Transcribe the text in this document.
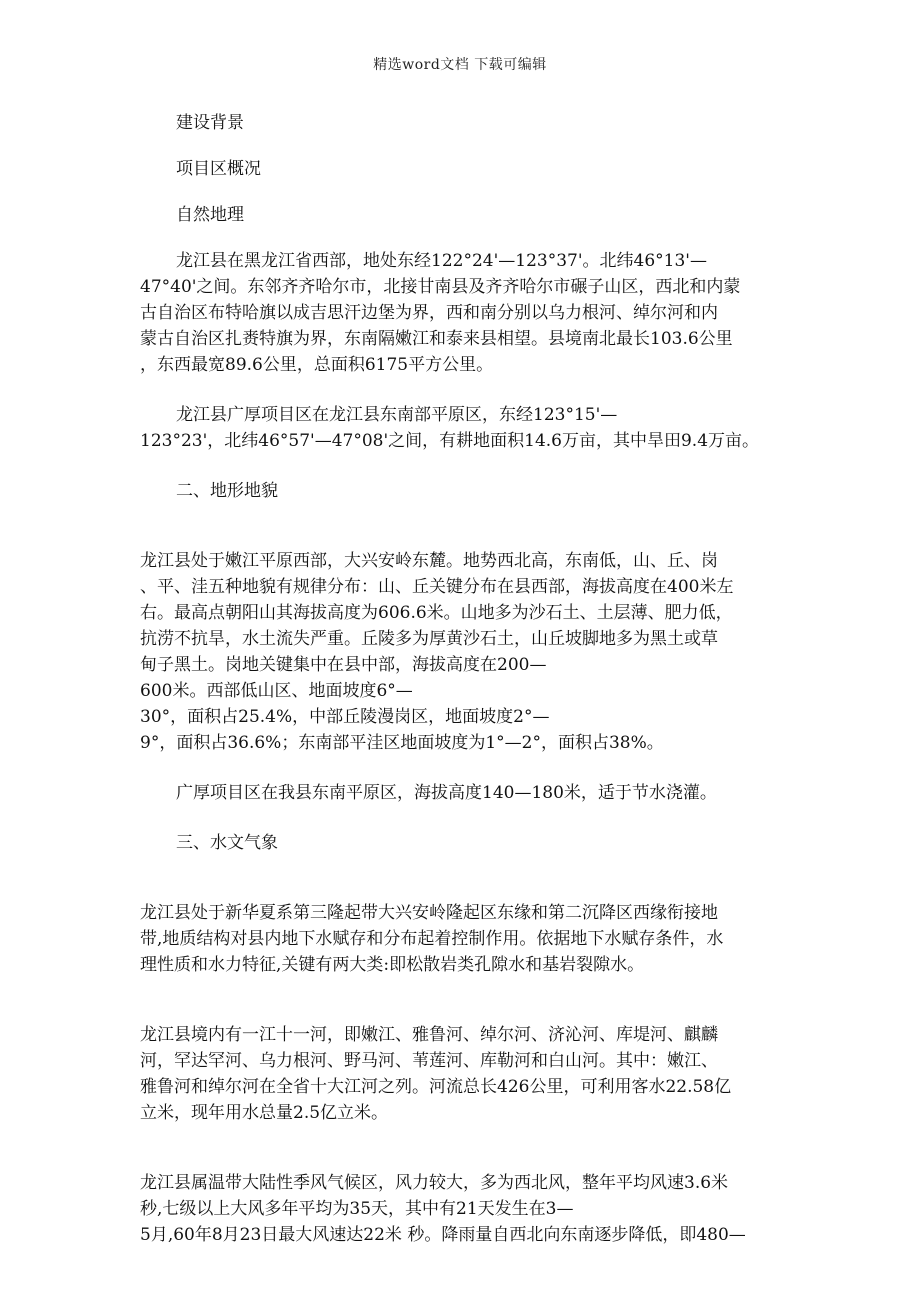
精选word文档 下载可编辑
建设背景
项目区概况
自然地理
龙江县在黑龙江省西部，地处东经122°24'—123°37'。北纬46°13'—
47°40'之间。东邻齐齐哈尔市，北接甘南县及齐齐哈尔市碾子山区，西北和内蒙
古自治区布特哈旗以成吉思汗边堡为界，西和南分别以乌力根河、绰尔河和内
蒙古自治区扎赉特旗为界，东南隔嫩江和泰来县相望。县境南北最长103.6公里
，东西最宽89.6公里，总面积6175平方公里。
龙江县广厚项目区在龙江县东南部平原区，东经123°15'—
123°23'，北纬46°57'—47°08'之间，有耕地面积14.6万亩，其中旱田9.4万亩。
二、地形地貌
龙江县处于嫩江平原西部，大兴安岭东麓。地势西北高，东南低，山、丘、岗
、平、洼五种地貌有规律分布：山、丘关键分布在县西部，海拔高度在400米左
右。最高点朝阳山其海拔高度为606.6米。山地多为沙石土、土层薄、肥力低，
抗涝不抗旱，水土流失严重。丘陵多为厚黄沙石土，山丘坡脚地多为黑土或草
甸子黑土。岗地关键集中在县中部，海拔高度在200—
600米。西部低山区、地面坡度6°—
30°，面积占25.4%，中部丘陵漫岗区，地面坡度2°—
9°，面积占36.6%；东南部平洼区地面坡度为1°—2°，面积占38%。
广厚项目区在我县东南平原区，海拔高度140—180米，适于节水浇灌。
三、水文气象
龙江县处于新华夏系第三隆起带大兴安岭隆起区东缘和第二沉降区西缘衔接地
带,地质结构对县内地下水赋存和分布起着控制作用。依据地下水赋存条件，水
理性质和水力特征,关键有两大类:即松散岩类孔隙水和基岩裂隙水。
龙江县境内有一江十一河，即嫩江、雅鲁河、绰尔河、济沁河、库堤河、麒麟
河，罕达罕河、乌力根河、野马河、苇莲河、库勒河和白山河。其中：嫩江、
雅鲁河和绰尔河在全省十大江河之列。河流总长426公里，可利用客水22.58亿
立米，现年用水总量2.5亿立米。
龙江县属温带大陆性季风气候区，风力较大，多为西北风，整年平均风速3.6米
秒,七级以上大风多年平均为35天，其中有21天发生在3—
5月,60年8月23日最大风速达22米 秒。降雨量自西北向东南逐步降低，即480—
